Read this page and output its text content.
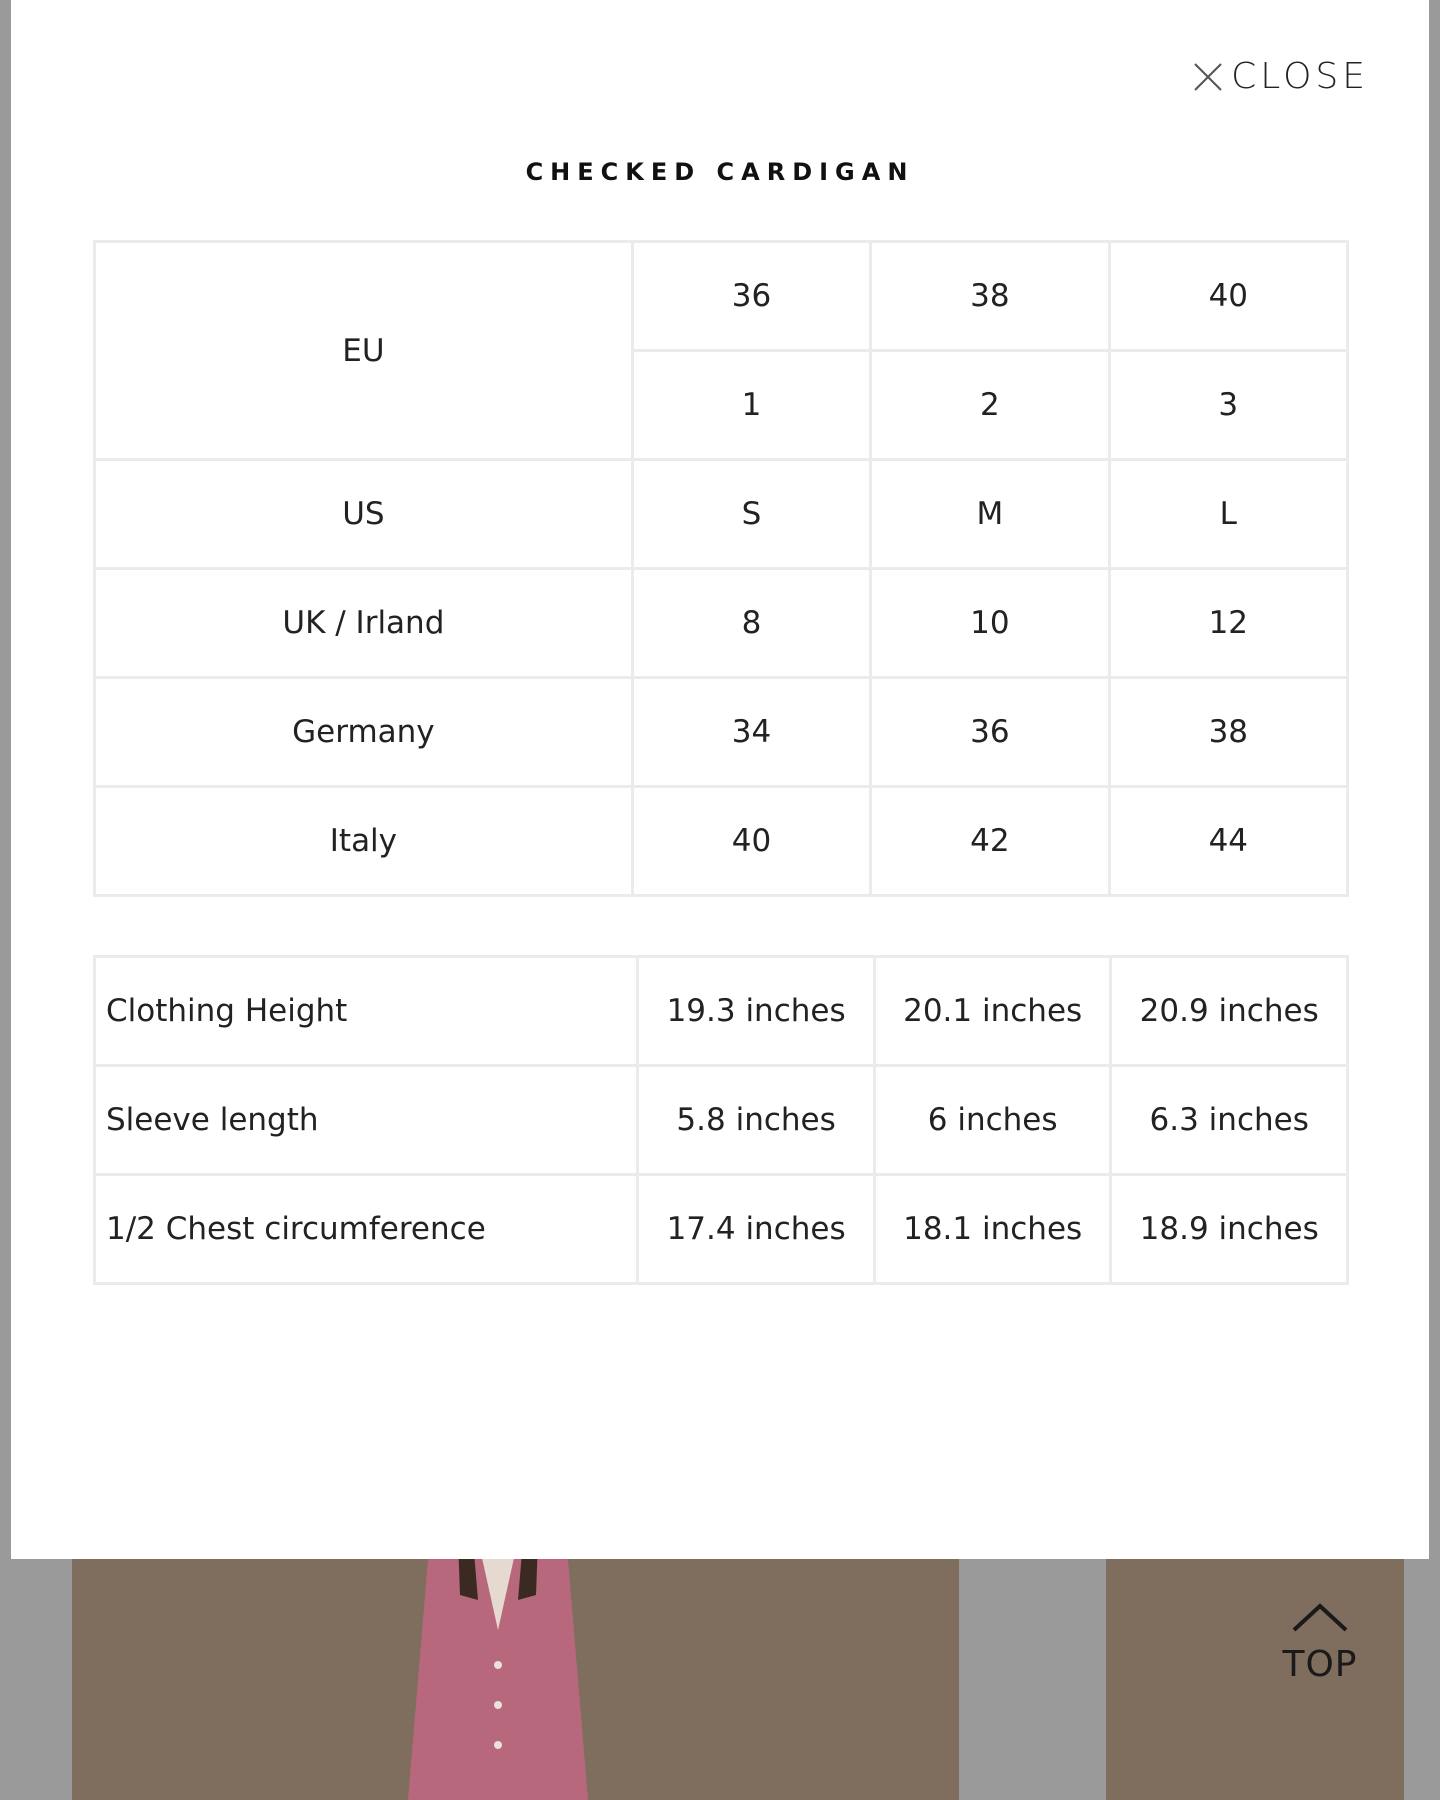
TOP
CLOSE
CHECKED CARDIGAN
EU	36	38	40
	1	2	3
US	S	M	L
UK / Irland	8	10	12
Germany	34	36	38
Italy	40	42	44
Clothing Height	19.3 inches	20.1 inches	20.9 inches
Sleeve length	5.8 inches	6 inches	6.3 inches
1/2 Chest circumference	17.4 inches	18.1 inches	18.9 inches
